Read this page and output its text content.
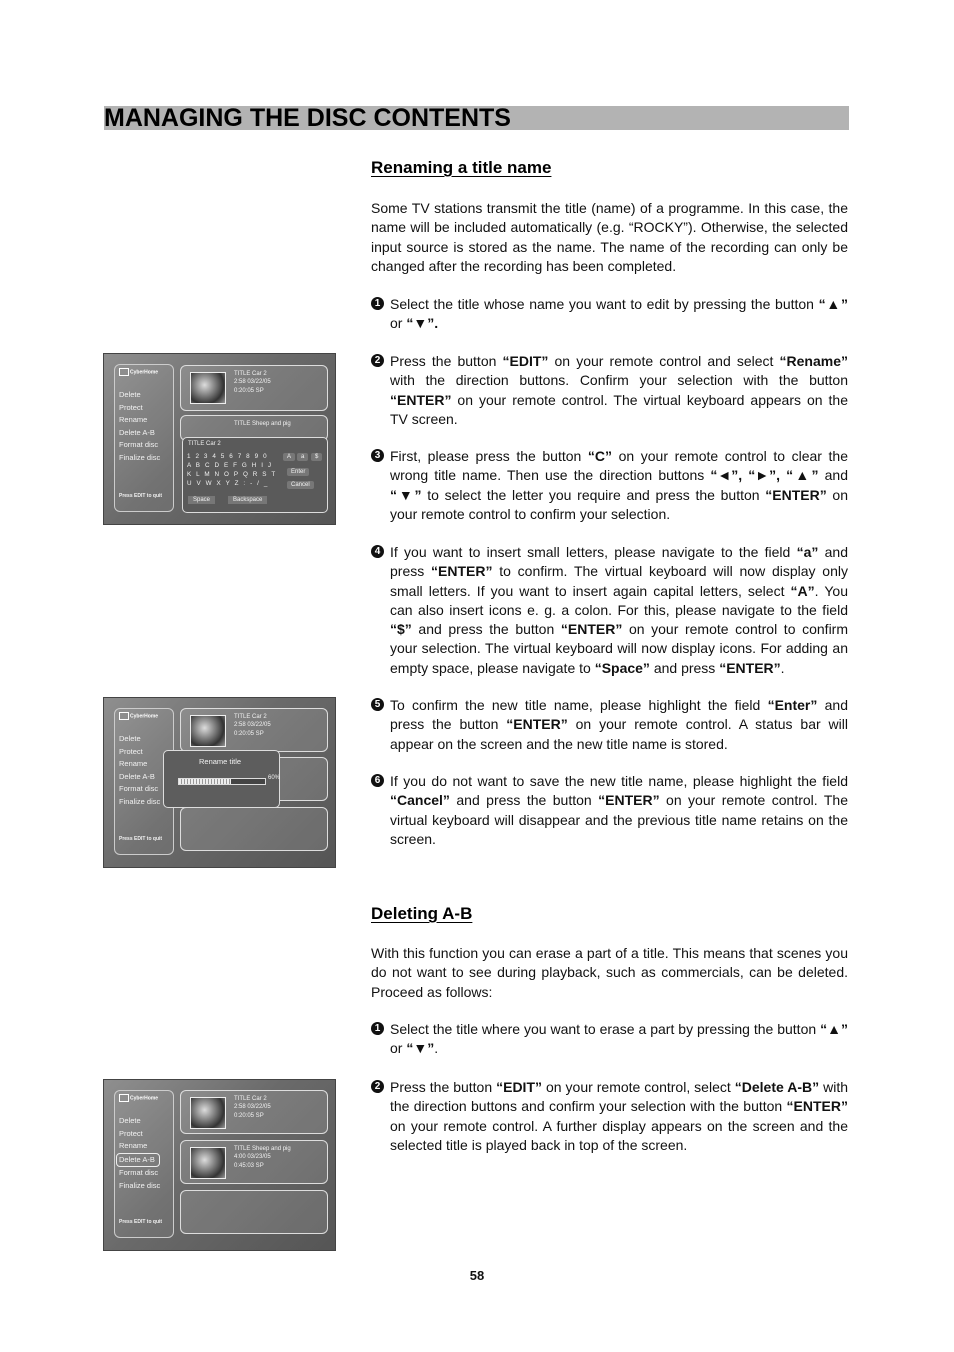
MANAGING THE DISC CONTENTS
Renaming a title name

Some TV stations transmit the title (name) of a programme. In this case, the name will be included automatically (e.g. “ROCKY”). Otherwise, the selected input source is stored as the name. The name of the recording can only be changed after the recording has been completed.

1 Select the title whose name you want to edit by pressing the button “▲” or “▼”.

2 Press the button “EDIT” on your remote control and select “Rename” with the direction buttons. Confirm your selection with the button “ENTER” on your remote control. The virtual keyboard appears on the TV screen.

3 First, please press the button “C” on your remote control to clear the wrong title name. Then use the direction buttons “◄”, “►”, “▲” and “▼” to select the letter you require and press the button “ENTER” on your remote control to confirm your selection.

4 If you want to insert small letters, please navigate to the field “a” and press “ENTER” to confirm. The virtual keyboard will now display only small letters. If you want to insert again capital letters, select “A”. You can also insert icons e. g. a colon. For this, please navigate to the field “$” and press the button “ENTER” on your remote control to confirm your selection. The virtual keyboard will now display icons. For adding an empty space, please navigate to “Space” and press “ENTER”.

5 To confirm the new title name, please highlight the field “Enter” and press the button “ENTER” on your remote control. A status bar will appear on the screen and the new title name is stored.

6 If you do not want to save the new title name, please highlight the field “Cancel” and press the button “ENTER” on your remote control. The virtual keyboard will disappear and the previous title name retains on the screen.

Deleting A-B

With this function you can erase a part of a title. This means that scenes you do not want to see during playback, such as commercials, can be deleted. Proceed as follows:

1 Select the title where you want to erase a part by pressing the button “▲” or “▼”.

2 Press the button “EDIT” on your remote control, select “Delete A-B” with the direction buttons and confirm your selection with the button “ENTER” on your remote control. A further display appears on the screen and the selected title is played back in top of the screen.

CyberHome
Delete
Protect
Rename
Delete A-B
Format disc
Finalize disc
Press EDIT to quit
TITLE Car 2
2:58 03/22/05
0:20:05 SP
TITLE Sheep and pig
TITLE Car 2
1 2 3 4 5 6 7 8 9 0
A B C D E F G H I J
K L M N O P Q R S T
U V W X Y Z : - / _
A	a	$
Enter
Cancel
Space	Backspace
CyberHome
Delete
Protect
Rename
Delete A-B
Format disc
Finalize disc
Press EDIT to quit
TITLE Car 2
2:58 03/22/05
0:20:05 SP
Rename title
60%
CyberHome
Delete
Protect
Rename
Delete A-B
Format disc
Finalize disc
Press EDIT to quit
TITLE Car 2
2:58 03/22/05
0:20:05 SP
TITLE Sheep and pig
4:00 03/23/05
0:45:03 SP
58
